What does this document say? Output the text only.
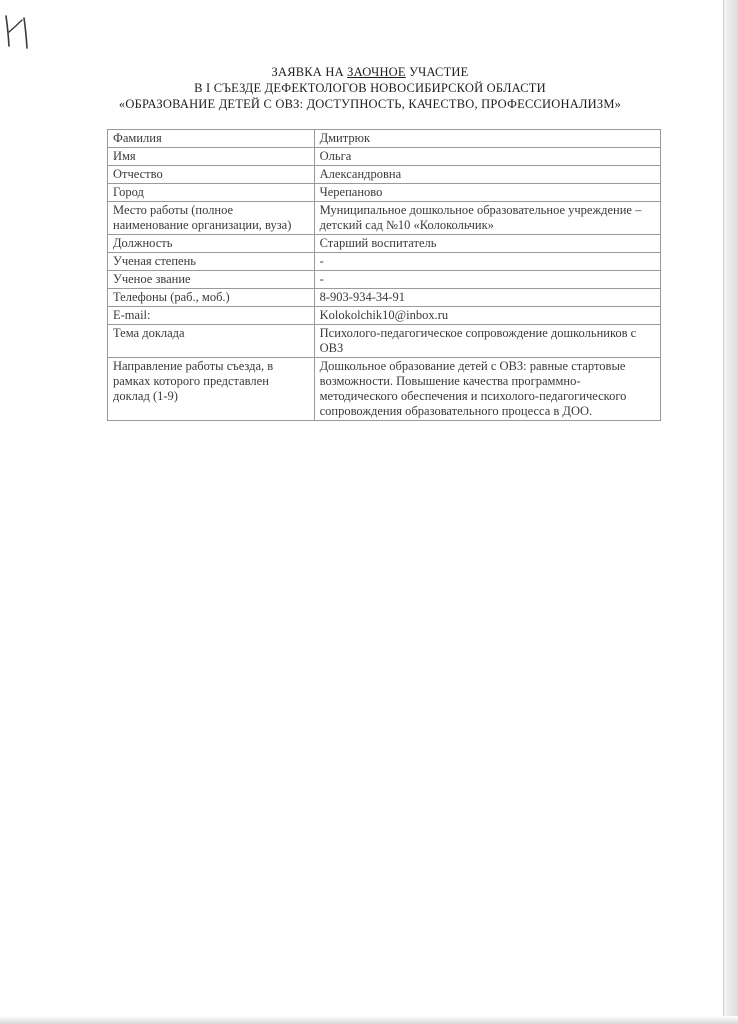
ЗАЯВКА НА ЗАОЧНОЕ УЧАСТИЕ
В I СЪЕЗДЕ ДЕФЕКТОЛОГОВ НОВОСИБИРСКОЙ ОБЛАСТИ
«ОБРАЗОВАНИЕ ДЕТЕЙ С ОВЗ: ДОСТУПНОСТЬ, КАЧЕСТВО, ПРОФЕССИОНАЛИЗМ»
Фамилия	Дмитрюк
Имя	Ольга
Отчество	Александровна
Город	Черепаново
Место работы (полное наименование организации, вуза)	Муниципальное дошкольное образовательное учреждение – детский сад №10 «Колокольчик»
Должность	Старший воспитатель
Ученая степень	-
Ученое звание	-
Телефоны (раб., моб.)	8-903-934-34-91
E-mail:	Kolokolchik10@inbox.ru
Тема доклада	Психолого-педагогическое сопровождение дошкольников с ОВЗ
Направление работы съезда, в рамках которого представлен доклад (1-9)	Дошкольное образование детей с ОВЗ: равные стартовые возможности. Повышение качества программно-методического обеспечения и психолого-педагогического сопровождения образовательного процесса в ДОО.
